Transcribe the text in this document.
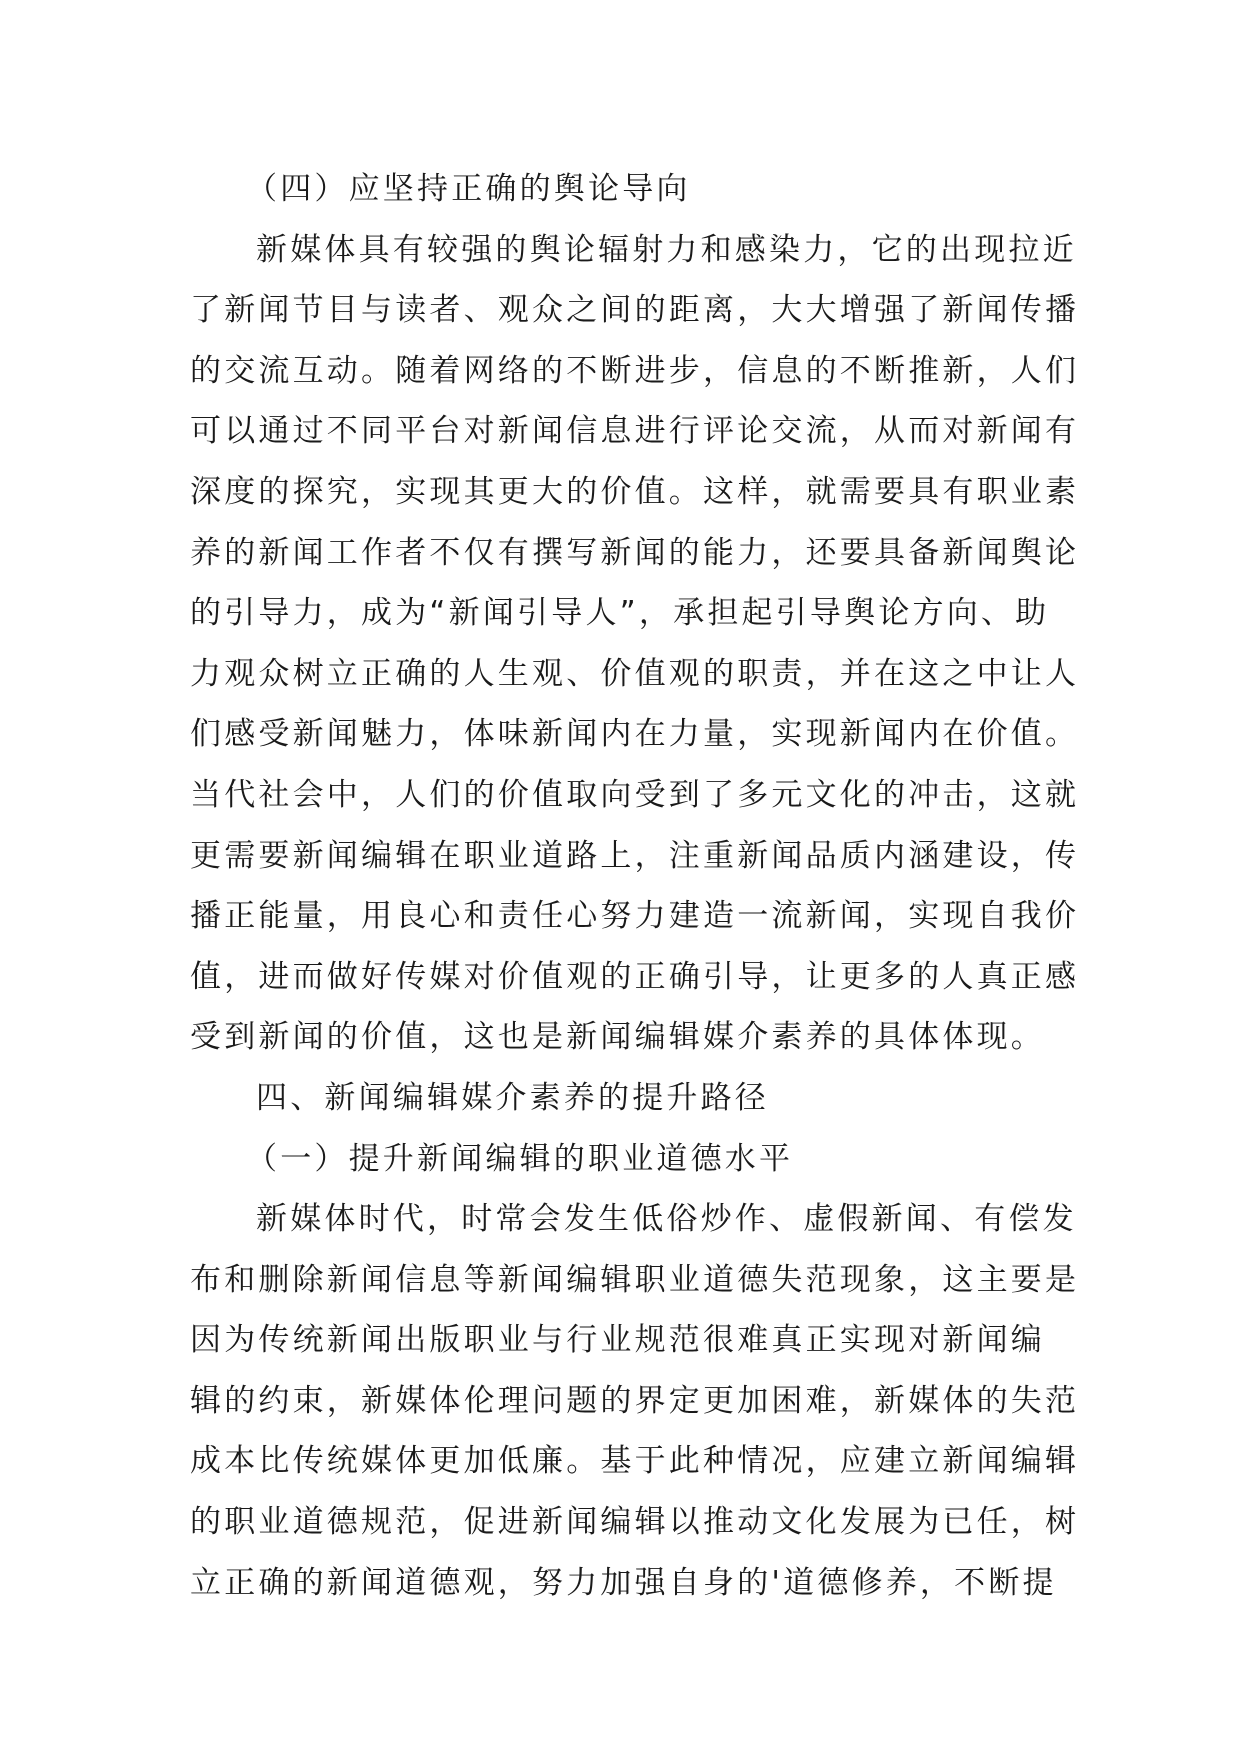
（四）应坚持正确的舆论导向
新媒体具有较强的舆论辐射力和感染力，它的出现拉近
了新闻节目与读者、观众之间的距离，大大增强了新闻传播
的交流互动。随着网络的不断进步，信息的不断推新，人们
可以通过不同平台对新闻信息进行评论交流，从而对新闻有
深度的探究，实现其更大的价值。这样，就需要具有职业素
养的新闻工作者不仅有撰写新闻的能力，还要具备新闻舆论
的引导力，成为“新闻引导人”，承担起引导舆论方向、助
力观众树立正确的人生观、价值观的职责，并在这之中让人
们感受新闻魅力，体味新闻内在力量，实现新闻内在价值。
当代社会中，人们的价值取向受到了多元文化的冲击，这就
更需要新闻编辑在职业道路上，注重新闻品质内涵建设，传
播正能量，用良心和责任心努力建造一流新闻，实现自我价
值，进而做好传媒对价值观的正确引导，让更多的人真正感
受到新闻的价值，这也是新闻编辑媒介素养的具体体现。
四、新闻编辑媒介素养的提升路径
（一）提升新闻编辑的职业道德水平
新媒体时代，时常会发生低俗炒作、虚假新闻、有偿发
布和删除新闻信息等新闻编辑职业道德失范现象，这主要是
因为传统新闻出版职业与行业规范很难真正实现对新闻编
辑的约束，新媒体伦理问题的界定更加困难，新媒体的失范
成本比传统媒体更加低廉。基于此种情况，应建立新闻编辑
的职业道德规范，促进新闻编辑以推动文化发展为已任，树
立正确的新闻道德观，努力加强自身的'道德修养，不断提
